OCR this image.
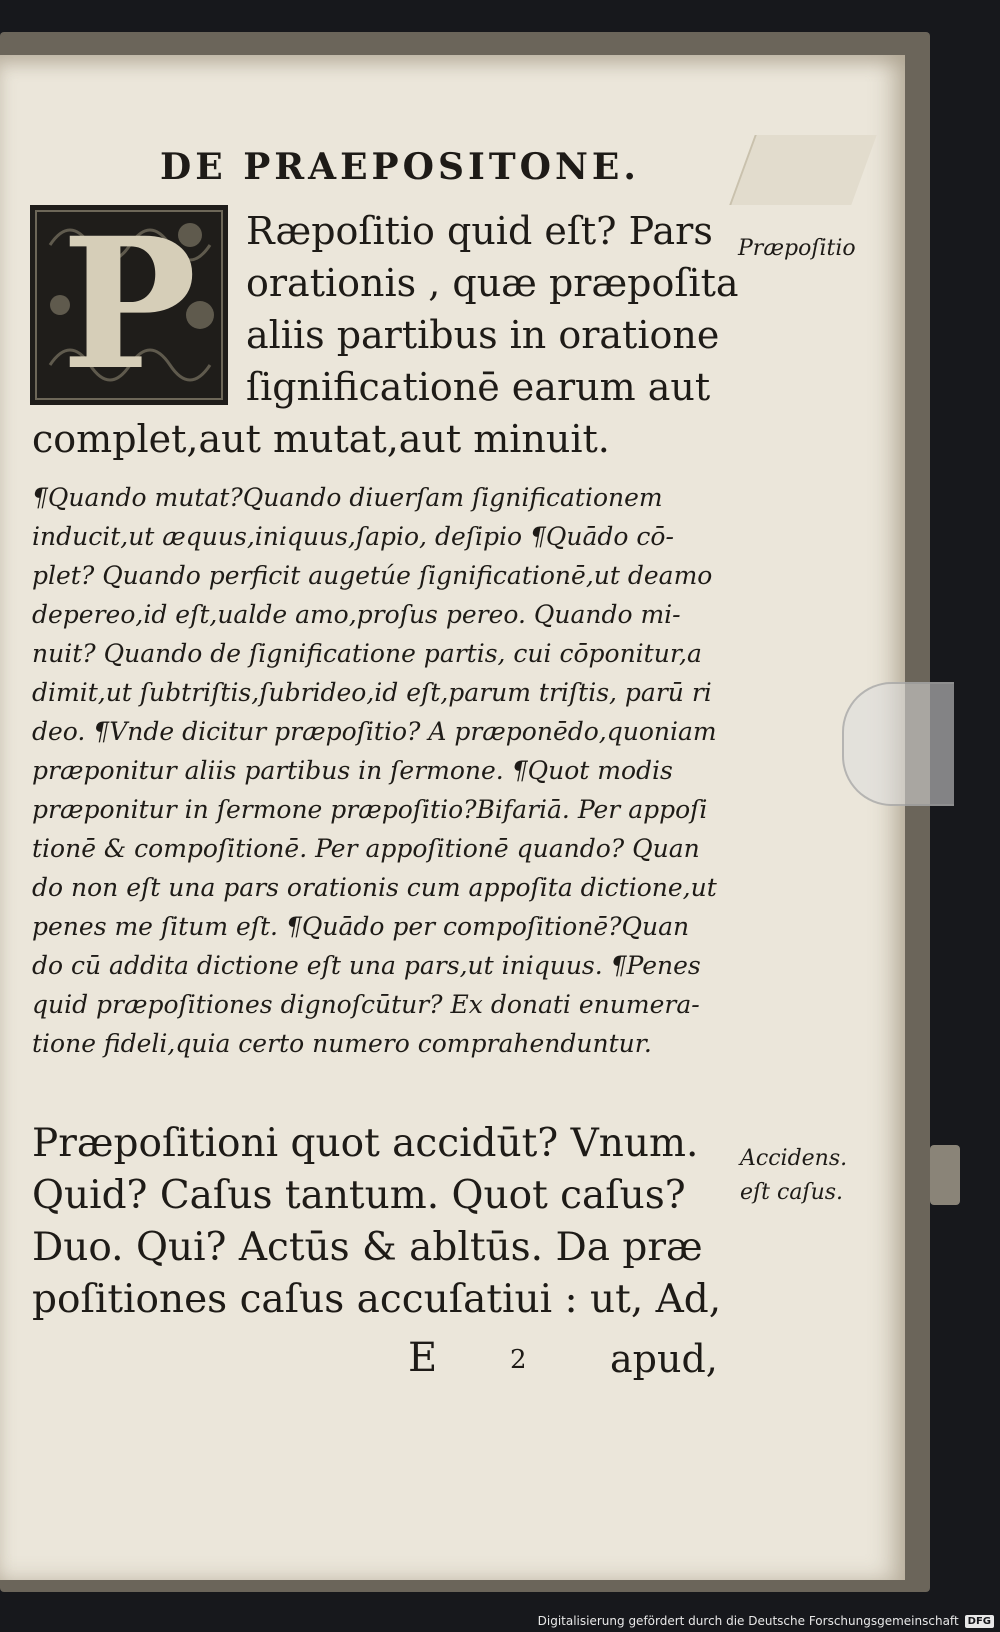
DE PRAEPOSITONE.
P	Ræpoſitio quid eſt? Pars
orationis , quæ præpoſita
aliis partibus in oratione
ſignificationē earum aut
complet,aut mutat,aut minuit.
¶Quando mutat?Quando diuerſam ſignificationem
inducit,ut æquus,iniquus,ſapio, deſipio ¶Quādo cō-
plet? Quando perficit augetúe ſignificationē,ut deamo
depereo,id eſt,ualde amo,proſus pereo. Quando mi-
nuit? Quando de ſignificatione partis, cui cōponitur,a
dimit,ut ſubtriſtis,ſubrideo,id eſt,parum triſtis, parū ri
deo. ¶Vnde dicitur præpoſitio? A præponēdo,quoniam
præponitur aliis partibus in ſermone. ¶Quot modis
præponitur in ſermone præpoſitio?Bifariā. Per appoſi
tionē & compoſitionē. Per appoſitionē quando? Quan
do non eſt una pars orationis cum appoſita dictione,ut
penes me ſitum eſt. ¶Quādo per compoſitionē?Quan
do cū addita dictione eſt una pars,ut iniquus. ¶Penes
quid præpoſitiones dignoſcūtur? Ex donati enumera-
tione fideli,quia certo numero comprahenduntur.
Præpoſitioni quot accidūt? Vnum.
Quid? Caſus tantum. Quot caſus?
Duo. Qui? Actūs & abltūs. Da præ
poſitiones caſus accuſatiui : ut, Ad,

Præpoſitio

Accidens.
eſt caſus.

E	2 apud,
Digitalisierung gefördert durch die Deutsche Forschungsgemeinschaft DFG
